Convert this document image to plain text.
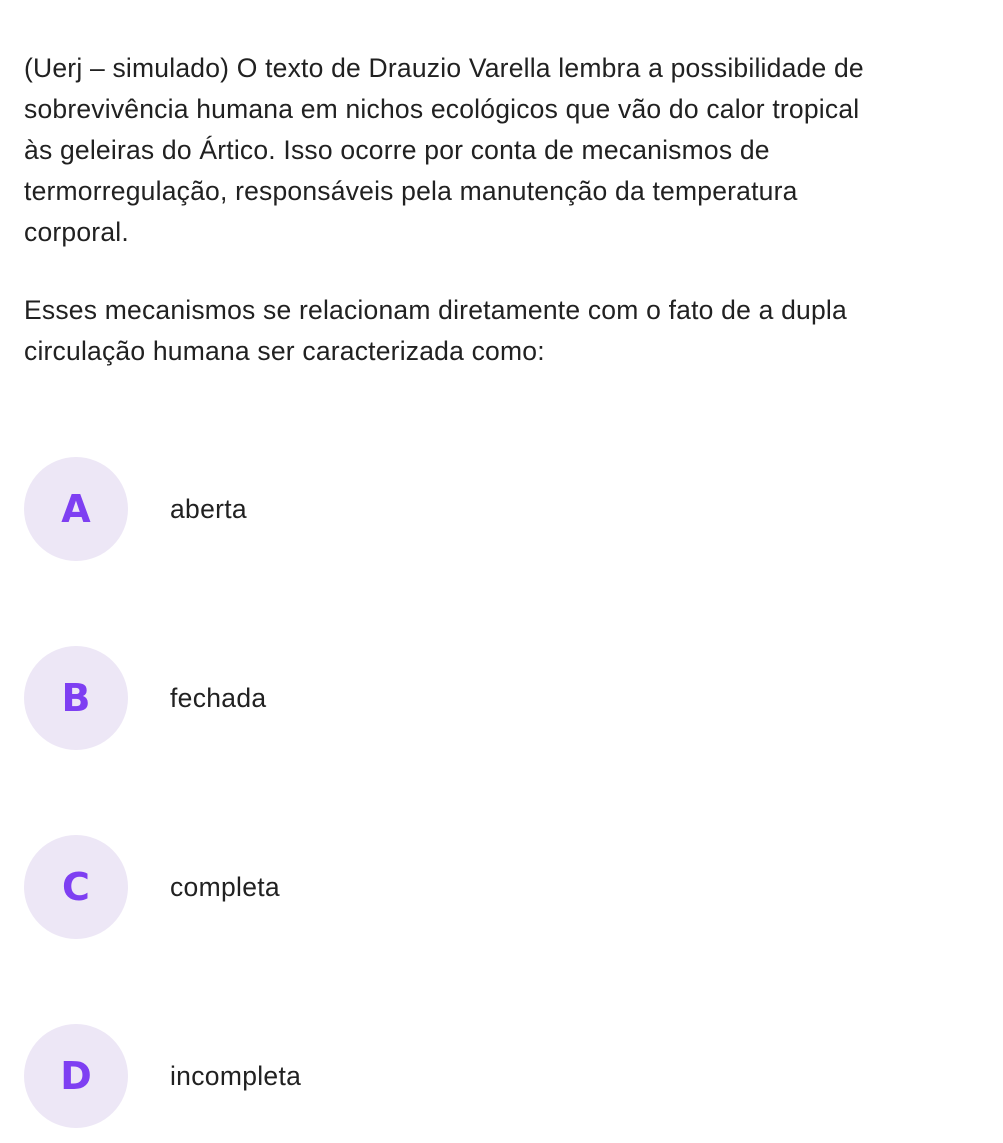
(Uerj – simulado) O texto de Drauzio Varella lembra a possibilidade de
sobrevivência humana em nichos ecológicos que vão do calor tropical
às geleiras do Ártico. Isso ocorre por conta de mecanismos de
termorregulação, responsáveis pela manutenção da temperatura
corporal.

Esses mecanismos se relacionam diretamente com o fato de a dupla
circulação humana ser caracterizada como:

A	aberta
B	fechada
C	completa
D	incompleta
